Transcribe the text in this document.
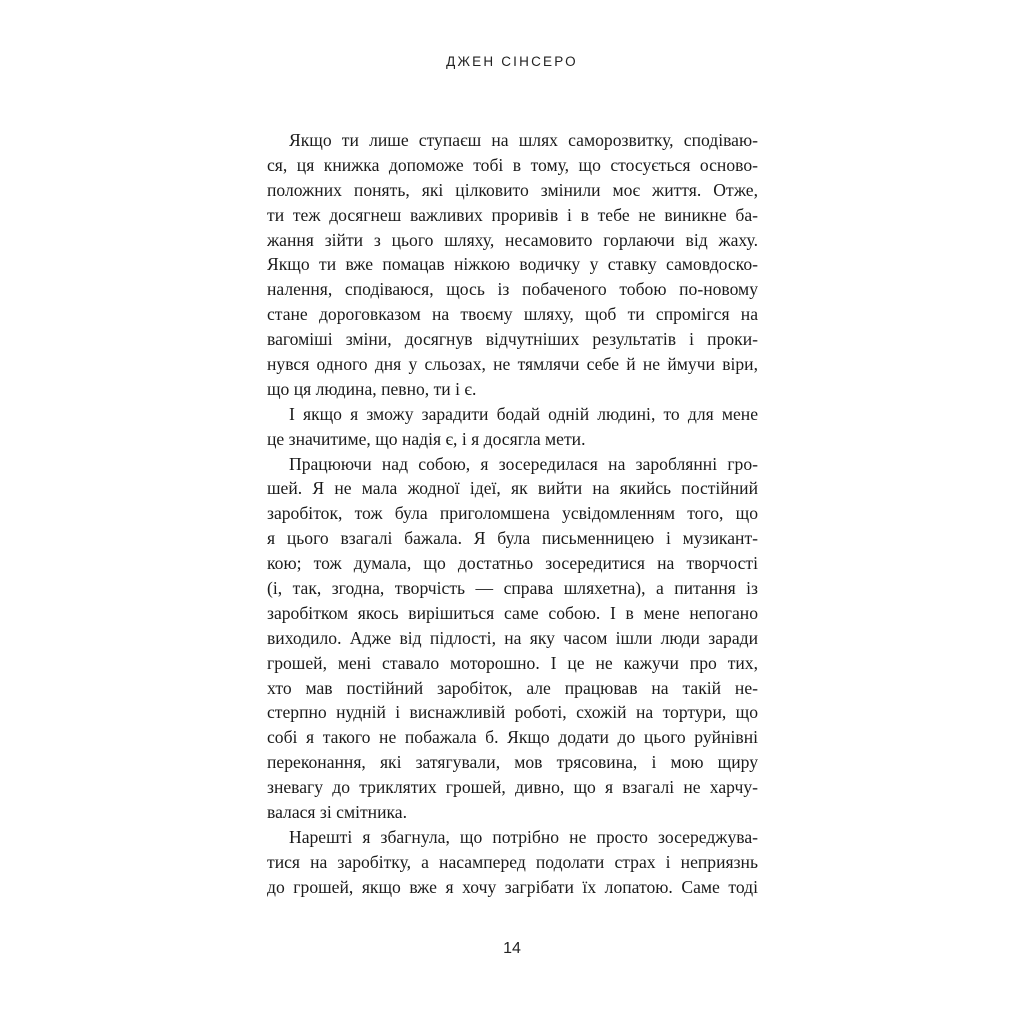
ДЖЕН СІНСЕРО
Якщо ти лише ступаєш на шлях саморозвитку, сподіваю-
ся, ця книжка допоможе тобі в тому, що стосується осново-
положних понять, які цілковито змінили моє життя. Отже,
ти теж досягнеш важливих проривів і в тебе не виникне ба-
жання зійти з цього шляху, несамовито горлаючи від жаху.
Якщо ти вже помацав ніжкою водичку у ставку самовдоско-
налення, сподіваюся, щось із побаченого тобою по-новому
стане дороговказом на твоєму шляху, щоб ти спромігся на
вагоміші зміни, досягнув відчутніших результатів і проки-
нувся одного дня у сльозах, не тямлячи себе й не ймучи віри,
що ця людина, певно, ти і є.
І якщо я зможу зарадити бодай одній людині, то для мене
це значитиме, що надія є, і я досягла мети.
Працюючи над собою, я зосередилася на зароблянні гро-
шей. Я не мала жодної ідеї, як вийти на якийсь постійний
заробіток, тож була приголомшена усвідомленням того, що
я цього взагалі бажала. Я була письменницею і музикант-
кою; тож думала, що достатньо зосередитися на творчості
(і, так, згодна, творчість — справа шляхетна), а питання із
заробітком якось вирішиться саме собою. І в мене непогано
виходило. Адже від підлості, на яку часом ішли люди заради
грошей, мені ставало моторошно. І це не кажучи про тих,
хто мав постійний заробіток, але працював на такій не-
стерпно нудній і виснажливій роботі, схожій на тортури, що
собі я такого не побажала б. Якщо додати до цього руйнівні
переконання, які затягували, мов трясовина, і мою щиру
зневагу до триклятих грошей, дивно, що я взагалі не харчу-
валася зі смітника.
Нарешті я збагнула, що потрібно не просто зосереджува-
тися на заробітку, а насамперед подолати страх і неприязнь
до грошей, якщо вже я хочу загрібати їх лопатою. Саме тоді
14
